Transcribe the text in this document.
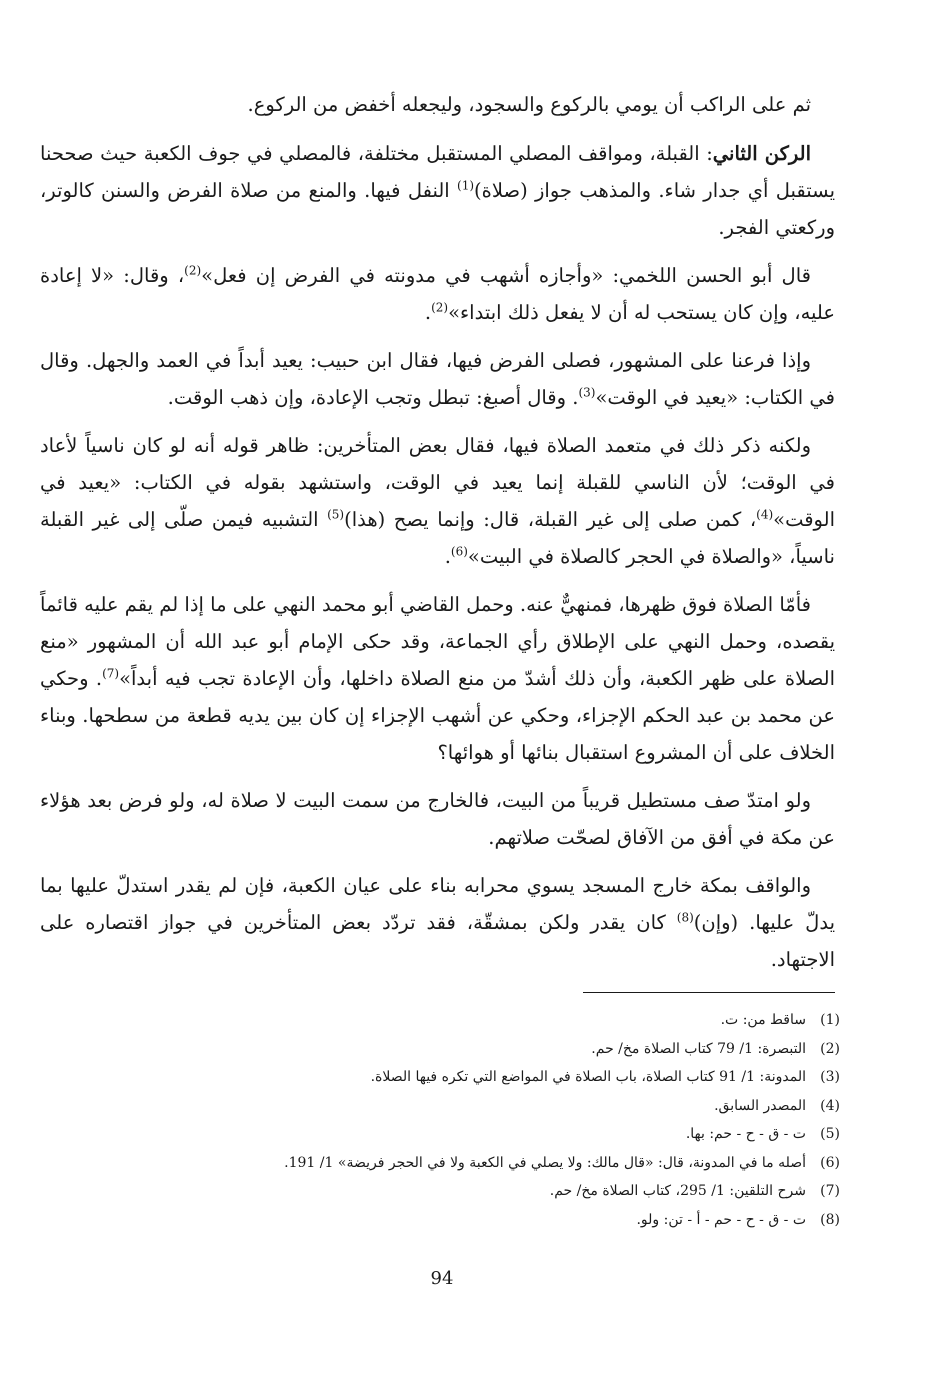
ثم على الراكب أن يومي بالركوع والسجود، وليجعله أخفض من الركوع.

الركن الثاني: القبلة، ومواقف المصلي المستقبل مختلفة، فالمصلي في جوف الكعبة حيث صححنا يستقبل أي جدار شاء. والمذهب جواز (صلاة)$^{(1)}$ النفل فيها. والمنع من صلاة الفرض والسنن كالوتر، وركعتي الفجر.

قال أبو الحسن اللخمي: «وأجازه أشهب في مدونته في الفرض إن فعل»$^{(2)}$، وقال: «لا إعادة عليه، وإن كان يستحب له أن لا يفعل ذلك ابتداء»$^{(2)}$.

وإذا فرعنا على المشهور، فصلى الفرض فيها، فقال ابن حبيب: يعيد أبداً في العمد والجهل. وقال في الكتاب: «يعيد في الوقت»$^{(3)}$. وقال أصبغ: تبطل وتجب الإعادة، وإن ذهب الوقت.

ولكنه ذكر ذلك في متعمد الصلاة فيها، فقال بعض المتأخرين: ظاهر قوله أنه لو كان ناسياً لأعاد في الوقت؛ لأن الناسي للقبلة إنما يعيد في الوقت، واستشهد بقوله في الكتاب: «يعيد في الوقت»$^{(4)}$، كمن صلى إلى غير القبلة، قال: وإنما يصح (هذا)$^{(5)}$ التشبيه فيمن صلّى إلى غير القبلة ناسياً، «والصلاة في الحجر كالصلاة في البيت»$^{(6)}$.

فأمّا الصلاة فوق ظهرها، فمنهيٌّ عنه. وحمل القاضي أبو محمد النهي على ما إذا لم يقم عليه قائماً يقصده، وحمل النهي على الإطلاق رأي الجماعة، وقد حكى الإمام أبو عبد الله أن المشهور «منع الصلاة على ظهر الكعبة، وأن ذلك أشدّ من منع الصلاة داخلها، وأن الإعادة تجب فيه أبداً»$^{(7)}$. وحكي عن محمد بن عبد الحكم الإجزاء، وحكي عن أشهب الإجزاء إن كان بين يديه قطعة من سطحها. وبناء الخلاف على أن المشروع استقبال بنائها أو هوائها؟

ولو امتدّ صف مستطيل قريباً من البيت، فالخارج من سمت البيت لا صلاة له، ولو فرض بعد هؤلاء عن مكة في أفق من الآفاق لصحّت صلاتهم.

والواقف بمكة خارج المسجد يسوي محرابه بناء على عيان الكعبة، فإن لم يقدر استدلّ عليها بما يدلّ عليها. (وإن)$^{(8)}$ كان يقدر ولكن بمشقّة، فقد تردّد بعض المتأخرين في جواز اقتصاره على الاجتهاد.

(1)ساقط من: ت.
(2)التبصرة: 1/ 79 كتاب الصلاة مخ/ حم.
(3)المدونة: 1/ 91 كتاب الصلاة، باب الصلاة في المواضع التي تكره فيها الصلاة.
(4)المصدر السابق.
(5)ت - ق - ح - حم: بها.
(6)أصله ما في المدونة، قال: «قال مالك: ولا يصلي في الكعبة ولا في الحجر فريضة» 1/ 191.
(7)شرح التلقين: 1/ 295، كتاب الصلاة مخ/ حم.
(8)ت - ق - ح - حم - أ - تن: ولو.
94
